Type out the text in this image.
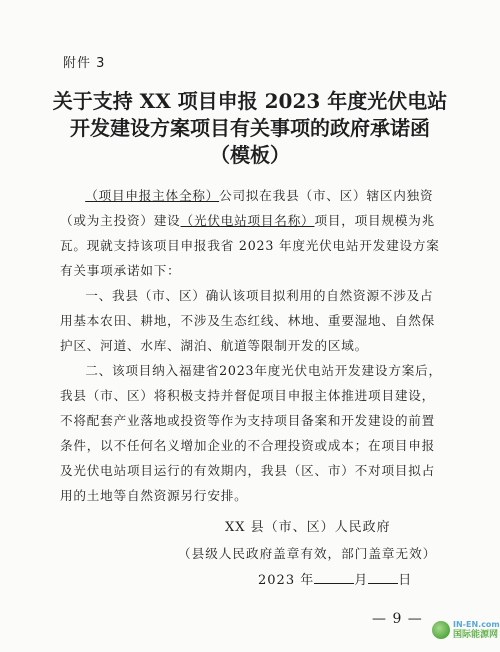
附件 3
关于支持 XX 项目申报 2023 年度光伏电站
开发建设方案项目有关事项的政府承诺函
（模板）
（项目申报主体全称）公司拟在我县（市、区）辖区内独资（或为主投资）建设（光伏电站项目名称）项目，项目规模为兆瓦。现就支持该项目申报我省 2023 年度光伏电站开发建设方案有关事项承诺如下：
一、我县（市、区）确认该项目拟利用的自然资源不涉及占用基本农田、耕地，不涉及生态红线、林地、重要湿地、自然保护区、河道、水库、湖泊、航道等限制开发的区域。
二、该项目纳入福建省2023年度光伏电站开发建设方案后，我县（市、区）将积极支持并督促项目申报主体推进项目建设，不将配套产业落地或投资等作为支持项目备案和开发建设的前置条件，以不任何名义增加企业的不合理投资或成本；在项目申报及光伏电站项目运行的有效期内，我县（区、市）不对项目拟占用的土地等自然资源另行安排。
XX 县（市、区）人民政府
（县级人民政府盖章有效，部门盖章无效）
2023 年	月 日
— 9 —	IN-EN.com
国际能源网
